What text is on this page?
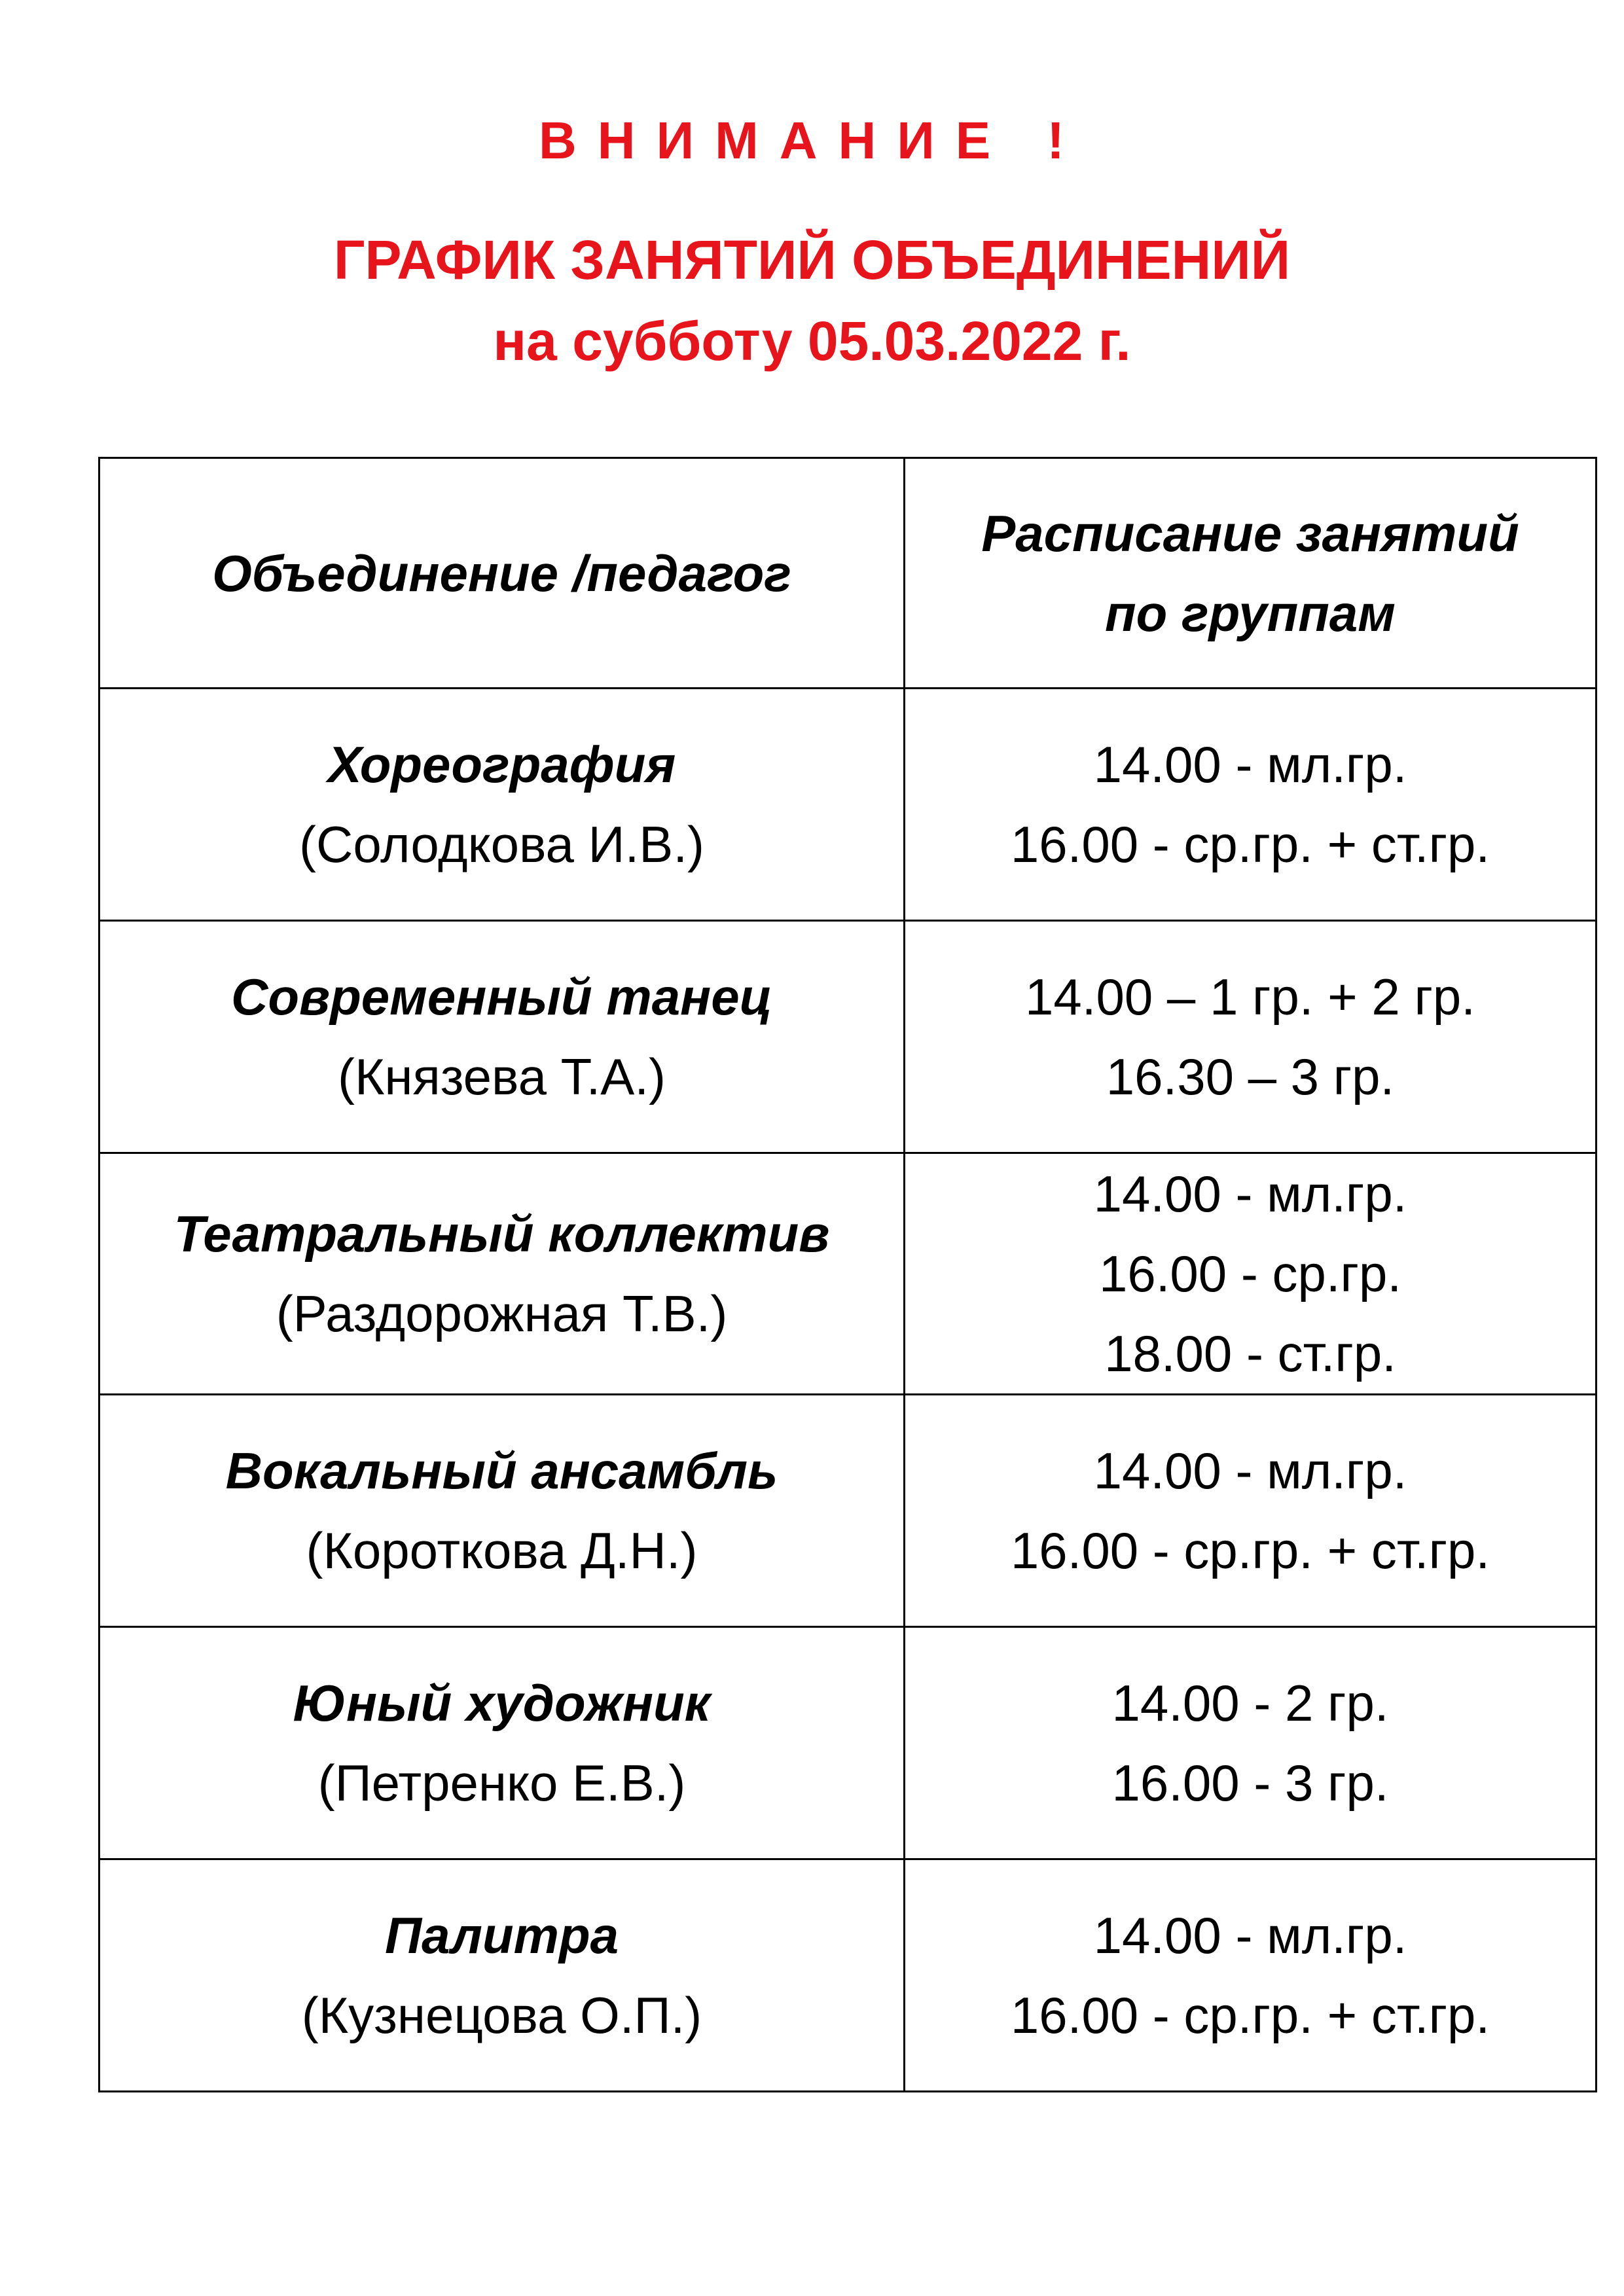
ВНИМАНИЕ !
ГРАФИК ЗАНЯТИЙ ОБЪЕДИНЕНИЙ
на субботу 05.03.2022 г.
Объединение /педагог	Расписание занятий
по группам

Хореография
(Солодкова И.В.)	14.00 - мл.гр.
16.00 - ср.гр. + ст.гр.

Современный танец
(Князева Т.А.)	14.00 – 1 гр. + 2 гр.
16.30 – 3 гр.

Театральный коллектив
(Раздорожная Т.В.)	14.00 - мл.гр.
16.00 - ср.гр.
18.00 - ст.гр.

Вокальный ансамбль
(Короткова Д.Н.)	14.00 - мл.гр.
16.00 - ср.гр. + ст.гр.

Юный художник
(Петренко Е.В.)	14.00 - 2 гр.
16.00 - 3 гр.

Палитра
(Кузнецова О.П.)	14.00 - мл.гр.
16.00 - ср.гр. + ст.гр.
